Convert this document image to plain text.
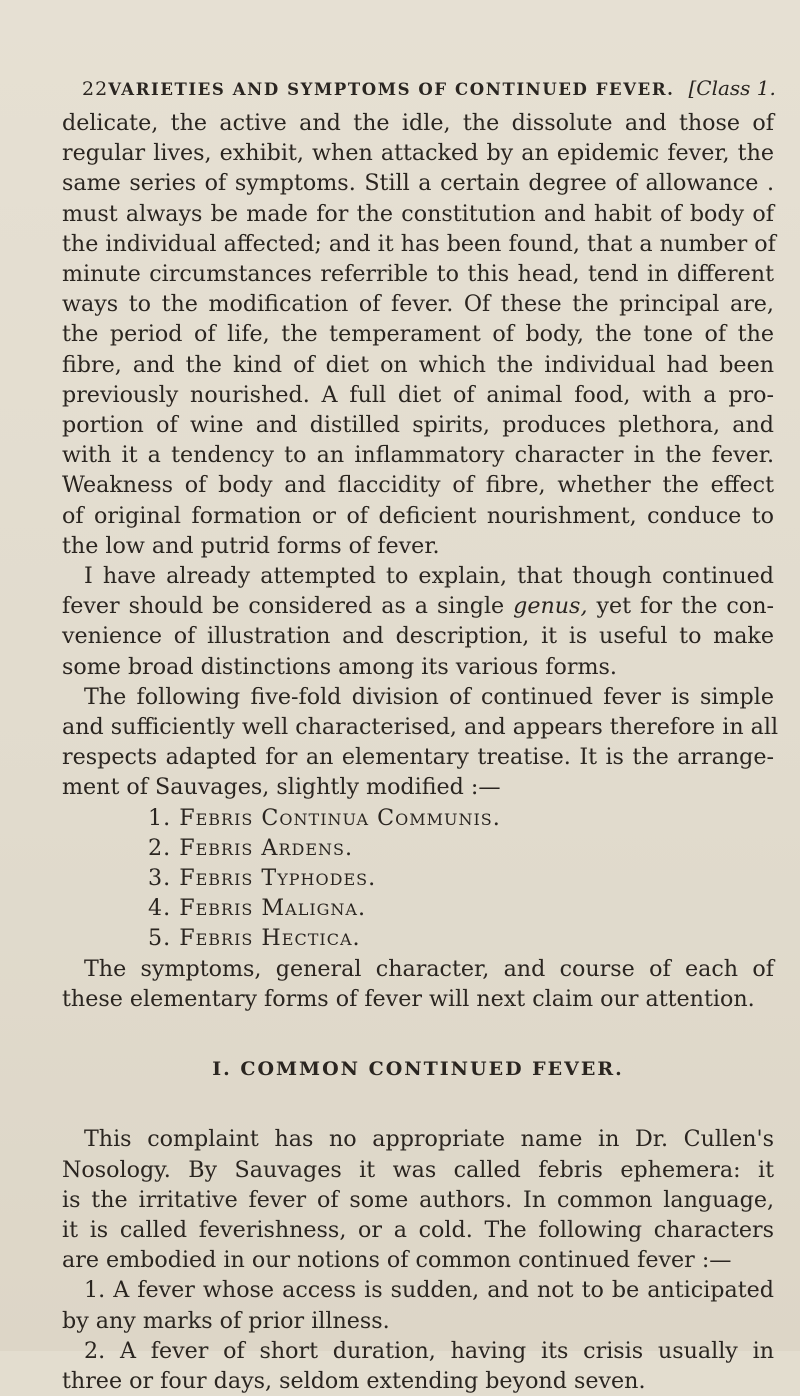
22 VARIETIES AND SYMPTOMS OF CONTINUED FEVER. [Class 1.
delicate, the active and the idle, the dissolute and those of
regular lives, exhibit, when attacked by an epidemic fever, the
same series of symptoms. Still a certain degree of allowance .
must always be made for the constitution and habit of body of
the individual affected; and it has been found, that a number of
minute circumstances referrible to this head, tend in different
ways to the modification of fever. Of these the principal are,
the period of life, the temperament of body, the tone of the
fibre, and the kind of diet on which the individual had been
previously nourished. A full diet of animal food, with a pro-
portion of wine and distilled spirits, produces plethora, and
with it a tendency to an inflammatory character in the fever.
Weakness of body and flaccidity of fibre, whether the effect
of original formation or of deficient nourishment, conduce to
the low and putrid forms of fever.
I have already attempted to explain, that though continued
fever should be considered as a single genus, yet for the con-
venience of illustration and description, it is useful to make
some broad distinctions among its various forms.
The following five-fold division of continued fever is simple
and sufficiently well characterised, and appears therefore in all
respects adapted for an elementary treatise. It is the arrange-
ment of Sauvages, slightly modified :—
1. Febris Continua Communis.
2. Febris Ardens.
3. Febris Typhodes.
4. Febris Maligna.
5. Febris Hectica.
The symptoms, general character, and course of each of
these elementary forms of fever will next claim our attention.
I. COMMON CONTINUED FEVER.
This complaint has no appropriate name in Dr. Cullen's
Nosology. By Sauvages it was called febris ephemera: it
is the irritative fever of some authors. In common language,
it is called feverishness, or a cold. The following characters
are embodied in our notions of common continued fever :—
1. A fever whose access is sudden, and not to be anticipated
by any marks of prior illness.
2. A fever of short duration, having its crisis usually in
three or four days, seldom extending beyond seven.
